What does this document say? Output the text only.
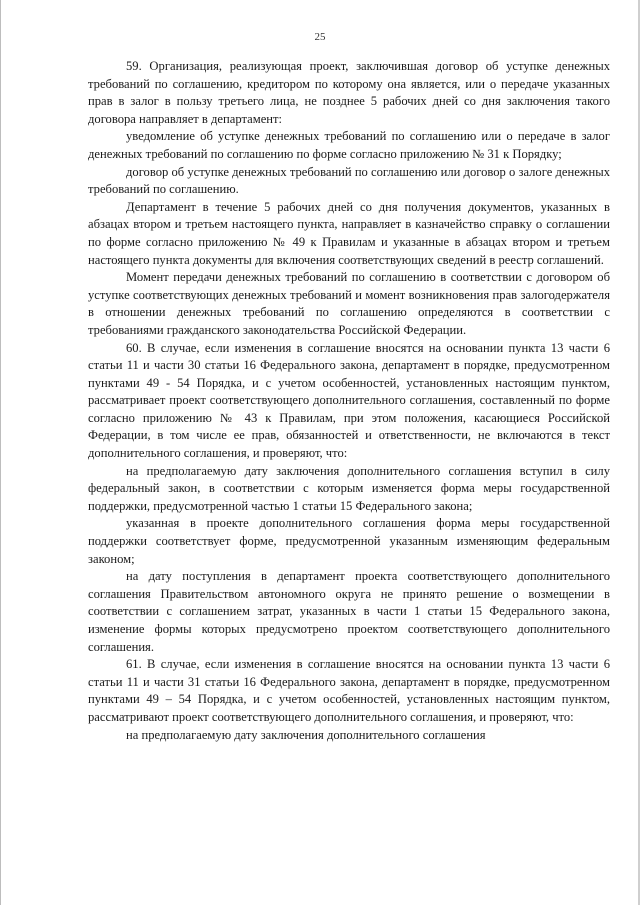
25

59. Организация, реализующая проект, заключившая договор об уступке денежных требований по соглашению, кредитором по которому она является, или о передаче указанных прав в залог в пользу третьего лица, не позднее 5 рабочих дней со дня заключения такого договора направляет в департамент:

уведомление об уступке денежных требований по соглашению или о передаче в залог денежных требований по соглашению по форме согласно приложению № 31 к Порядку;

договор об уступке денежных требований по соглашению или договор о залоге денежных требований по соглашению.

Департамент в течение 5 рабочих дней со дня получения документов, указанных в абзацах втором и третьем настоящего пункта, направляет в казначейство справку о соглашении по форме согласно приложению № 49 к Правилам и указанные в абзацах втором и третьем настоящего пункта документы для включения соответствующих сведений в реестр соглашений.

Момент передачи денежных требований по соглашению в соответствии с договором об уступке соответствующих денежных требований и момент возникновения прав залогодержателя в отношении денежных требований по соглашению определяются в соответствии с требованиями гражданского законодательства Российской Федерации.

60. В случае, если изменения в соглашение вносятся на основании пункта 13 части 6 статьи 11 и части 30 статьи 16 Федерального закона, департамент в порядке, предусмотренном пунктами 49 - 54 Порядка, и с учетом особенностей, установленных настоящим пунктом, рассматривает проект соответствующего дополнительного соглашения, составленный по форме согласно приложению № 43 к Правилам, при этом положения, касающиеся Российской Федерации, в том числе ее прав, обязанностей и ответственности, не включаются в текст дополнительного соглашения, и проверяют, что:

на предполагаемую дату заключения дополнительного соглашения вступил в силу федеральный закон, в соответствии с которым изменяется форма меры государственной поддержки, предусмотренной частью 1 статьи 15 Федерального закона;

указанная в проекте дополнительного соглашения форма меры государственной поддержки соответствует форме, предусмотренной указанным изменяющим федеральным законом;

на дату поступления в департамент проекта соответствующего дополнительного соглашения Правительством автономного округа не принято решение о возмещении в соответствии с соглашением затрат, указанных в части 1 статьи 15 Федерального закона, изменение формы которых предусмотрено проектом соответствующего дополнительного соглашения.

61. В случае, если изменения в соглашение вносятся на основании пункта 13 части 6 статьи 11 и части 31 статьи 16 Федерального закона, департамент в порядке, предусмотренном пунктами 49 – 54 Порядка, и с учетом особенностей, установленных настоящим пунктом, рассматривают проект соответствующего дополнительного соглашения, и проверяют, что:

на предполагаемую дату заключения дополнительного соглашения
